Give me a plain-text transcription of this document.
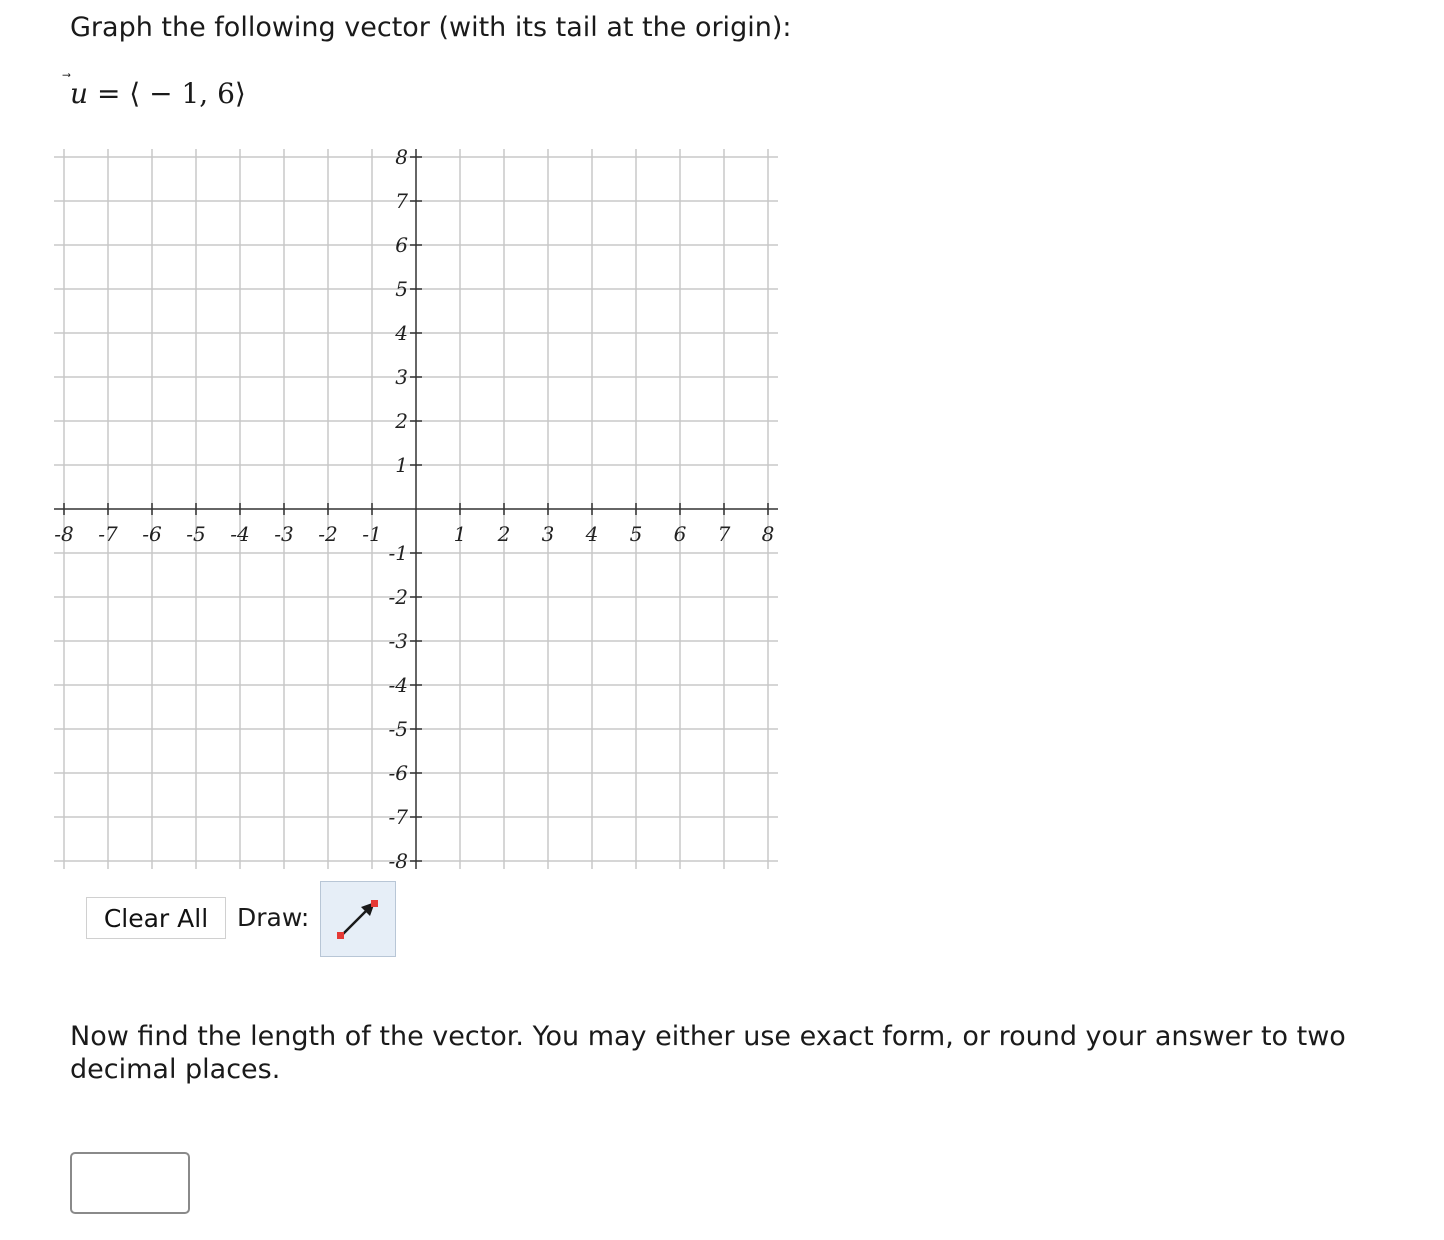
Graph the following vector (with its tail at the origin):
u
= ⟨ − 1, 6⟩
-8 -7 -6 -5 -4 -3 -2 -1	1 2 3 4 5 6 7 8
8
7
6
5
4
3
2
1
-1
-2
-3
-4
-5
-6
-7
-8
Clear All	Draw:

Now find the length of the vector. You may either use exact form, or round your answer to two decimal places.
